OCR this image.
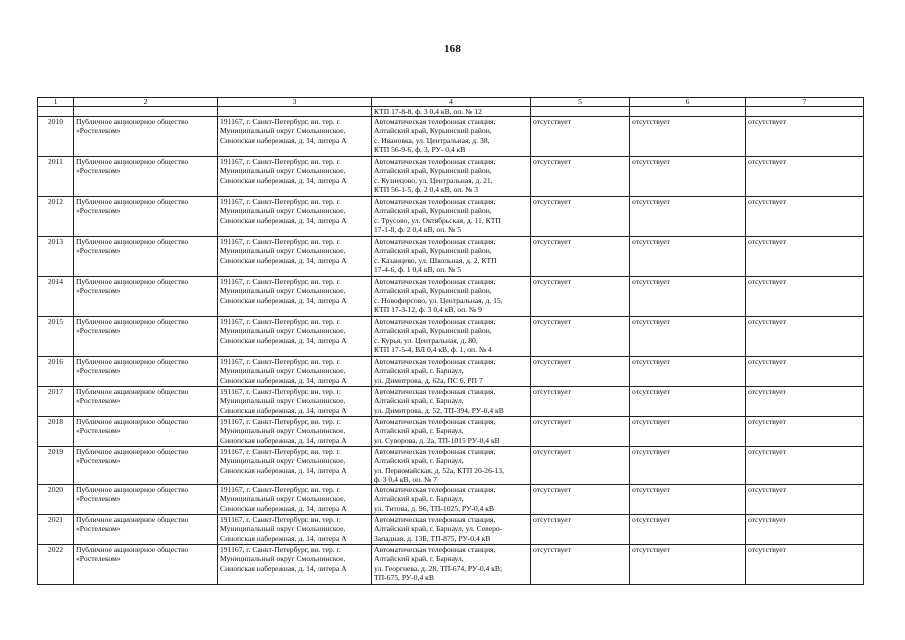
168
1	2	3	4	5	6	7
			КТП 17-8-8, ф. 3 0,4 кВ, оп. № 12			
2010	Публичное акционерное общество
«Ростелеком»	191167, г. Санкт-Петербург, вн. тер. г.
Муниципальный округ Смольнинское,
Синопская набережная, д. 14, литера А	Автоматическая телефонная станция,
Алтайский край, Курьинский район,
с. Ивановка, ул. Центральная, д. 38,
КТП 56-9-6, ф. 3, РУ- 0,4 кВ	отсутствует	отсутствует	отсутствует
2011	Публичное акционерное общество
«Ростелеком»	191167, г. Санкт-Петербург, вн. тер. г.
Муниципальный округ Смольнинское,
Синопская набережная, д. 14, литера А	Автоматическая телефонная станция,
Алтайский край, Курьинский район,
с. Кузнецово, ул. Центральная, д. 21,
КТП 56-1-5, ф. 2 0,4 кВ, оп. № 3	отсутствует	отсутствует	отсутствует
2012	Публичное акционерное общество
«Ростелеком»	191167, г. Санкт-Петербург, вн. тер. г.
Муниципальный округ Смольнинское,
Синопская набережная, д. 14, литера А	Автоматическая телефонная станция,
Алтайский край, Курьинский район,
с. Трусово, ул. Октябрьская, д. 11, КТП
17-1-8, ф. 2 0,4 кВ, оп. № 5	отсутствует	отсутствует	отсутствует
2013	Публичное акционерное общество
«Ростелеком»	191167, г. Санкт-Петербург, вн. тер. г.
Муниципальный округ Смольнинское,
Синопская набережная, д. 14, литера А	Автоматическая телефонная станция,
Алтайский край, Курьинский район,
с. Казанцево, ул. Школьная, д. 2, КТП
17-4-6, ф. 1 0,4 кВ, оп. № 5	отсутствует	отсутствует	отсутствует
2014	Публичное акционерное общество
«Ростелеком»	191167, г. Санкт-Петербург, вн. тер. г.
Муниципальный округ Смольнинское,
Синопская набережная, д. 14, литера А	Автоматическая телефонная станция,
Алтайский край, Курьинский район,
с. Новофирсово, ул. Центральная, д. 15,
КТП 17-3-12, ф. 3 0,4 кВ, оп. № 9	отсутствует	отсутствует	отсутствует
2015	Публичное акционерное общество
«Ростелеком»	191167, г. Санкт-Петербург, вн. тер. г.
Муниципальный округ Смольнинское,
Синопская набережная, д. 14, литера А	Автоматическая телефонная станция,
Алтайский край, Курьинский район,
с. Курья, ул. Центральная, д. 80,
КТП 17-5-4, ВЛ 0,4 кВ, ф. 1, оп. № 4	отсутствует	отсутствует	отсутствует
2016	Публичное акционерное общество
«Ростелеком»	191167, г. Санкт-Петербург, вн. тер. г.
Муниципальный округ Смольнинское,
Синопская набережная, д. 14, литера А	Автоматическая телефонная станция,
Алтайский край, г. Барнаул,
ул. Димитрова, д. 62а, ПС 6, РП 7	отсутствует	отсутствует	отсутствует
2017	Публичное акционерное общество
«Ростелеком»	191167, г. Санкт-Петербург, вн. тер. г.
Муниципальный округ Смольнинское,
Синопская набережная, д. 14, литера А	Автоматическая телефонная станция,
Алтайский край, г. Барнаул,
ул. Димитрова, д. 52, ТП-394, РУ-0,4 кВ	отсутствует	отсутствует	отсутствует
2018	Публичное акционерное общество
«Ростелеком»	191167, г. Санкт-Петербург, вн. тер. г.
Муниципальный округ Смольнинское,
Синопская набережная, д. 14, литера А	Автоматическая телефонная станция,
Алтайский край, г. Барнаул,
ул. Суворова, д. 2а, ТП-1015 РУ-0,4 кВ	отсутствует	отсутствует	отсутствует
2019	Публичное акционерное общество
«Ростелеком»	191167, г. Санкт-Петербург, вн. тер. г.
Муниципальный округ Смольнинское,
Синопская набережная, д. 14, литера А	Автоматическая телефонная станция,
Алтайский край, г. Барнаул,
ул. Первомайская, д. 52а, КТП 20-26-13,
ф. 3 0,4 кВ, оп. № 7	отсутствует	отсутствует	отсутствует
2020	Публичное акционерное общество
«Ростелеком»	191167, г. Санкт-Петербург, вн. тер. г.
Муниципальный округ Смольнинское,
Синопская набережная, д. 14, литера А	Автоматическая телефонная станция,
Алтайский край, г. Барнаул,
ул. Титова, д. 96, ТП-1025, РУ-0,4 кВ	отсутствует	отсутствует	отсутствует
2021	Публичное акционерное общество
«Ростелеком»	191167, г. Санкт-Петербург, вн. тер. г.
Муниципальный округ Смольнинское,
Синопская набережная, д. 14, литера А	Автоматическая телефонная станция,
Алтайский край, г. Барнаул, ул. Северо-
Западная, д. 13Б, ТП-875, РУ-0,4 кВ	отсутствует	отсутствует	отсутствует
2022	Публичное акционерное общество
«Ростелеком»	191167, г. Санкт-Петербург, вн. тер. г.
Муниципальный округ Смольнинское,
Синопская набережная, д. 14, литера А	Автоматическая телефонная станция,
Алтайский край, г. Барнаул,
ул. Георгиева, д. 28, ТП-674, РУ-0,4 кВ;
ТП-675, РУ-0,4 кВ	отсутствует	отсутствует	отсутствует
